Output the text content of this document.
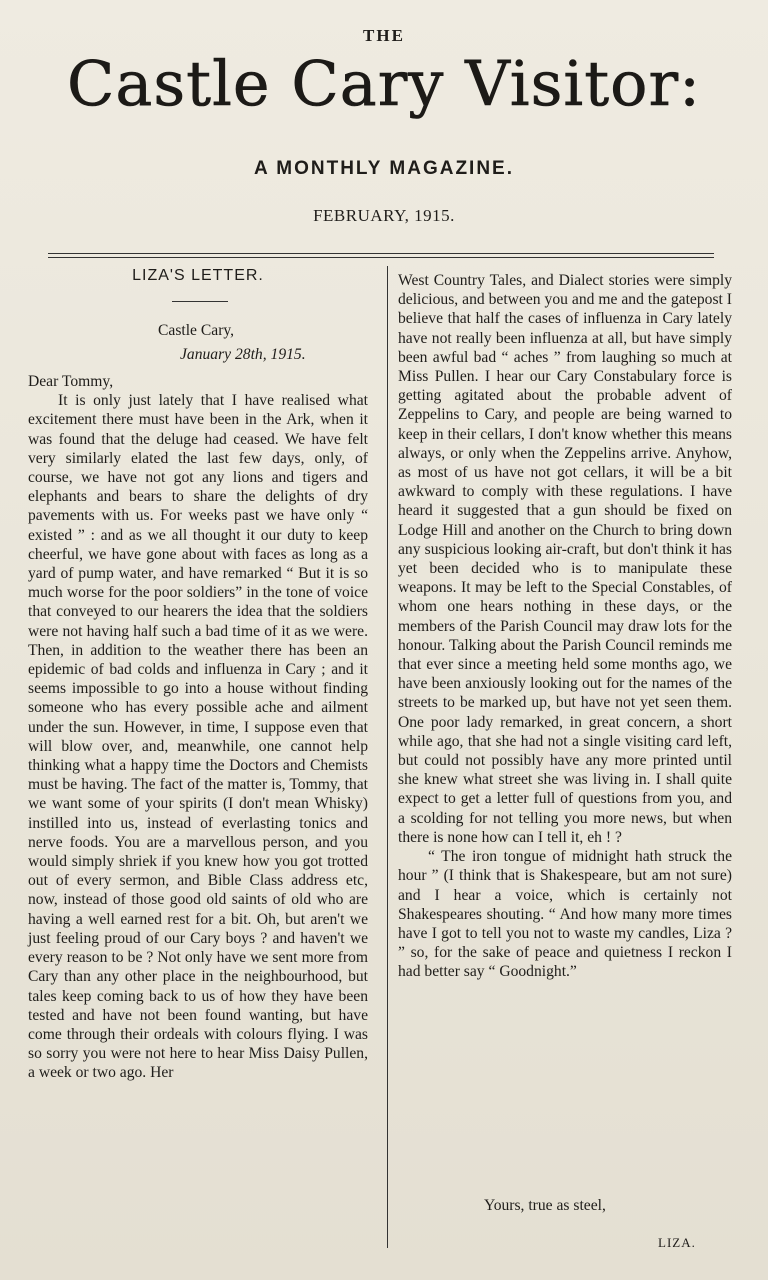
THE
Castle Cary Visitor:
A MONTHLY MAGAZINE.
FEBRUARY, 1915.
LIZA'S LETTER.
Castle Cary,
January 28th, 1915.

Dear Tommy,

It is only just lately that I have realised what excitement there must have been in the Ark, when it was found that the deluge had ceased. We have felt very similarly elated the last few days, only, of course, we have not got any lions and tigers and elephants and bears to share the delights of dry pavements with us. For weeks past we have only “ existed ” : and as we all thought it our duty to keep cheerful, we have gone about with faces as long as a yard of pump water, and have remarked “ But it is so much worse for the poor soldiers” in the tone of voice that conveyed to our hearers the idea that the soldiers were not having half such a bad time of it as we were. Then, in addition to the weather there has been an epidemic of bad colds and influenza in Cary ; and it seems impossible to go into a house without finding someone who has every possible ache and ailment under the sun. However, in time, I suppose even that will blow over, and, meanwhile, one cannot help thinking what a happy time the Doctors and Chemists must be having. The fact of the matter is, Tommy, that we want some of your spirits (I don't mean Whisky) instilled into us, instead of everlasting tonics and nerve foods. You are a marvellous person, and you would simply shriek if you knew how you got trotted out of every sermon, and Bible Class address etc, now, instead of those good old saints of old who are having a well earned rest for a bit. Oh, but aren't we just feeling proud of our Cary boys ? and haven't we every reason to be ? Not only have we sent more from Cary than any other place in the neighbourhood, but tales keep coming back to us of how they have been tested and have not been found wanting, but have come through their ordeals with colours flying. I was so sorry you were not here to hear Miss Daisy Pullen, a week or two ago. Her

West Country Tales, and Dialect stories were simply delicious, and between you and me and the gatepost I believe that half the cases of influenza in Cary lately have not really been influenza at all, but have simply been awful bad “ aches ” from laughing so much at Miss Pullen. I hear our Cary Constabulary force is getting agitated about the probable advent of Zeppelins to Cary, and people are being warned to keep in their cellars, I don't know whether this means always, or only when the Zeppelins arrive. Anyhow, as most of us have not got cellars, it will be a bit awkward to comply with these regulations. I have heard it suggested that a gun should be fixed on Lodge Hill and another on the Church to bring down any suspicious looking air-craft, but don't think it has yet been decided who is to manipulate these weapons. It may be left to the Special Constables, of whom one hears nothing in these days, or the members of the Parish Council may draw lots for the honour. Talking about the Parish Council reminds me that ever since a meeting held some months ago, we have been anxiously looking out for the names of the streets to be marked up, but have not yet seen them. One poor lady remarked, in great concern, a short while ago, that she had not a single visiting card left, but could not possibly have any more printed until she knew what street she was living in. I shall quite expect to get a letter full of questions from you, and a scolding for not telling you more news, but when there is none how can I tell it, eh ! ?

“ The iron tongue of midnight hath struck the hour ” (I think that is Shakespeare, but am not sure) and I hear a voice, which is certainly not Shakespeares shouting. “ And how many more times have I got to tell you not to waste my candles, Liza ? ” so, for the sake of peace and quietness I reckon I had better say “ Goodnight.”

Yours, true as steel,
LIZA.
